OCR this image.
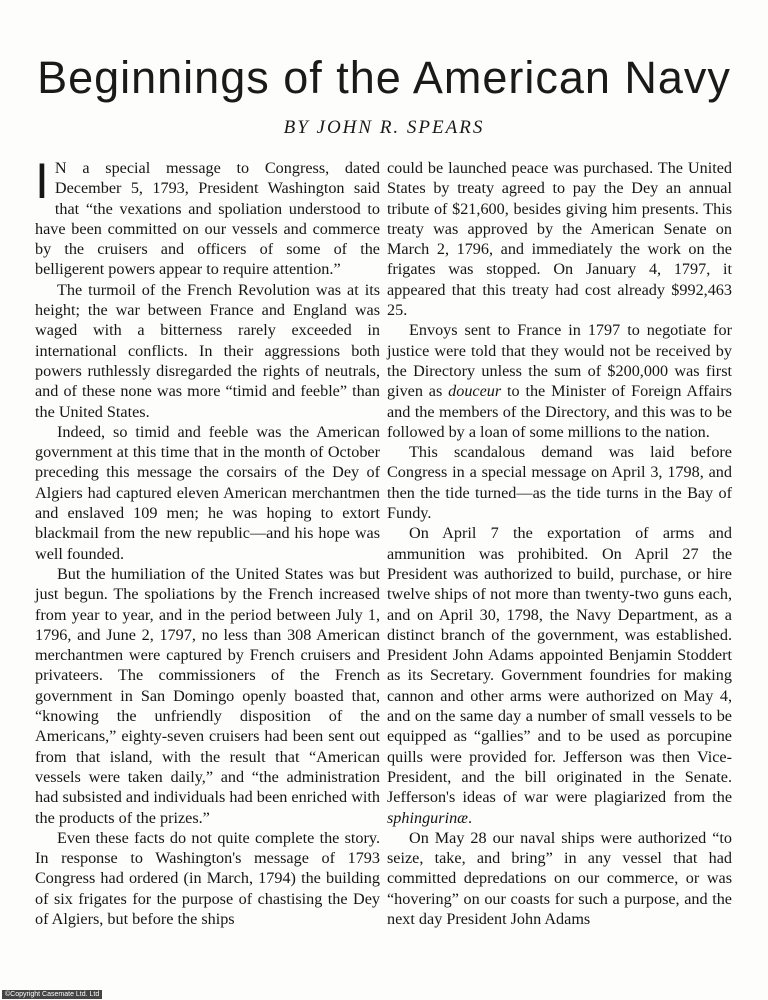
Beginnings of the American Navy
BY JOHN R. SPEARS

IN a special message to Congress, dated December 5, 1793, President Washington said that “the vexations and spoliation understood to have been committed on our vessels and commerce by the cruisers and officers of some of the belligerent powers appear to require attention.”

The turmoil of the French Revolution was at its height; the war between France and England was waged with a bitterness rarely exceeded in international conflicts. In their aggressions both powers ruthlessly disregarded the rights of neutrals, and of these none was more “timid and feeble” than the United States.

Indeed, so timid and feeble was the American government at this time that in the month of October preceding this message the corsairs of the Dey of Algiers had captured eleven American merchantmen and enslaved 109 men; he was hoping to extort blackmail from the new republic—and his hope was well founded.

But the humiliation of the United States was but just begun. The spoliations by the French increased from year to year, and in the period between July 1, 1796, and June 2, 1797, no less than 308 American merchantmen were captured by French cruisers and privateers. The commissioners of the French government in San Domingo openly boasted that, “knowing the unfriendly disposition of the Americans,” eighty-seven cruisers had been sent out from that island, with the result that “American vessels were taken daily,” and “the administration had subsisted and individuals had been enriched with the products of the prizes.”

Even these facts do not quite complete the story. In response to Washington's message of 1793 Congress had ordered (in March, 1794) the building of six frigates for the purpose of chastising the Dey of Algiers, but before the ships

could be launched peace was purchased. The United States by treaty agreed to pay the Dey an annual tribute of $21,600, besides giving him presents. This treaty was approved by the American Senate on March 2, 1796, and immediately the work on the frigates was stopped. On January 4, 1797, it appeared that this treaty had cost already $992,463 25.

Envoys sent to France in 1797 to negotiate for justice were told that they would not be received by the Directory unless the sum of $200,000 was first given as douceur to the Minister of Foreign Affairs and the members of the Directory, and this was to be followed by a loan of some millions to the nation.

This scandalous demand was laid before Congress in a special message on April 3, 1798, and then the tide turned—as the tide turns in the Bay of Fundy.

On April 7 the exportation of arms and ammunition was prohibited. On April 27 the President was authorized to build, purchase, or hire twelve ships of not more than twenty-two guns each, and on April 30, 1798, the Navy Department, as a distinct branch of the government, was established. President John Adams appointed Benjamin Stoddert as its Secretary. Government foundries for making cannon and other arms were authorized on May 4, and on the same day a number of small vessels to be equipped as “gallies” and to be used as porcupine quills were provided for. Jefferson was then Vice-President, and the bill originated in the Senate. Jefferson's ideas of war were plagiarized from the sphingurinæ.

On May 28 our naval ships were authorized “to seize, take, and bring” in any vessel that had committed depredations on our commerce, or was “hovering” on our coasts for such a purpose, and the next day President John Adams

©Copyright Casemate Ltd. Ltd
